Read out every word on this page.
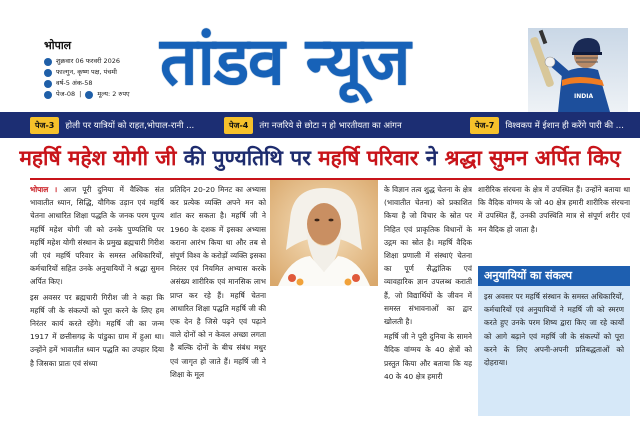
भोपाल
शुक्रवार 06 फरवरी 2026
फाल्गुन, कृष्ण पक्ष, पंचमी
वर्ष-5 अंक-58
पेज-08 | मूल्य: 2 रुपए तांडव न्यूज	INDIA
पेज-3	होली पर यात्रियों को राहत,भोपाल-रानी ...	पेज-4	तंग नजरिये से छोटा न हो भारतीयता का आंगन	पेज-7	विश्वकप में ईशान ही करेंगे पारी की ...
महर्षि महेश योगी जी की पुण्यतिथि पर महर्षि परिवार ने श्रद्धा सुमन अर्पित किए

भोपाल । आज पूरी दुनिया में वैश्विक संत भावातीत ध्यान, सिद्धि, यौगिक उड़ान एवं महर्षि चेतना आधारित शिक्षा पद्धति के जनक परम पूज्य महर्षि महेश योगी जी को उनके पुण्यतिथि पर महर्षि महेश योगी संस्थान के प्रमुख ब्रह्मचारी गिरीश जी एवं महर्षि परिवार के समस्त अधिकारियों, कर्मचारियों सहित उनके अनुयायियों ने श्रद्धा सुमन अर्पित किए।

इस अवसर पर ब्रह्मचारी गिरीश जी ने कहा कि महर्षि जी के संकल्पों को पूरा करने के लिए हम निरंतर कार्य करते रहेंगे। महर्षि जी का जन्म 1917 में छत्तीसगढ़ के पांडुका ग्राम में हुआ था। उन्होंने हमें भावातीत ध्यान पद्धति का उपहार दिया है जिसका प्रातः एवं संध्या

प्रतिदिन 20-20 मिनट का अभ्यास कर प्रत्येक व्यक्ति अपने मन को शांत कर सकता है। महर्षि जी ने 1960 के दशक में इसका अभ्यास कराना आरंभ किया था और तब से संपूर्ण विश्व के करोड़ों व्यक्ति इसका निरंतर एवं नियमित अभ्यास करके असंख्य शारीरिक एवं मानसिक लाभ प्राप्त कर रहे हैं। महर्षि चेतना आधारित शिक्षा पद्धति महर्षि जी की एक देन है जिसे पढ़ने एवं पढ़ाने वाले दोनों को न केवल अच्छा लगता है बल्कि दोनों के बीच संबंध मधुर एवं जागृत हो जाते हैं। महर्षि जी ने शिक्षा के मूल

के विज्ञान तत्व शुद्ध चेतना के क्षेत्र (भावातीत चेतना) को प्रकाशित किया है जो विचार के स्रोत पर निहित एवं प्राकृतिक विधानों के उद्गम का स्रोत है। महर्षि वैदिक शिक्षा प्रणाली में संस्थाएं चेतना का पूर्ण सैद्धांतिक एवं व्यावहारिक ज्ञान उपलब्ध कराती हैं, जो विद्यार्थियों के जीवन में समस्त संभावनाओं का द्वार खोलती है।

महर्षि जी ने पूरी दुनिया के सामने वैदिक वांग्मय के 40 क्षेत्रों को प्रस्तुत किया और बताया कि यह 40 के 40 क्षेत्र हमारी

शारीरिक संरचना के क्षेत्र में उपस्थित हैं। उन्होंने बताया था कि वैदिक वांग्मय के जो 40 क्षेत्र हमारी शारीरिक संरचना में उपस्थित हैं, उनकी उपस्थिति मात्र से संपूर्ण शरीर एवं मन वैदिक हो जाता है।

अनुयायियों का संकल्प

इस अवसर पर महर्षि संस्थान के समस्त अधिकारियों, कर्मचारियों एवं अनुयायियों ने महर्षि जी को स्मरण करते हुए उनके परम शिष्य द्वारा किए जा रहे कार्यों को आगे बढ़ाने एवं महर्षि जी के संकल्पों को पूरा करने के लिए अपनी-अपनी प्रतिबद्धताओं को दोहराया।
